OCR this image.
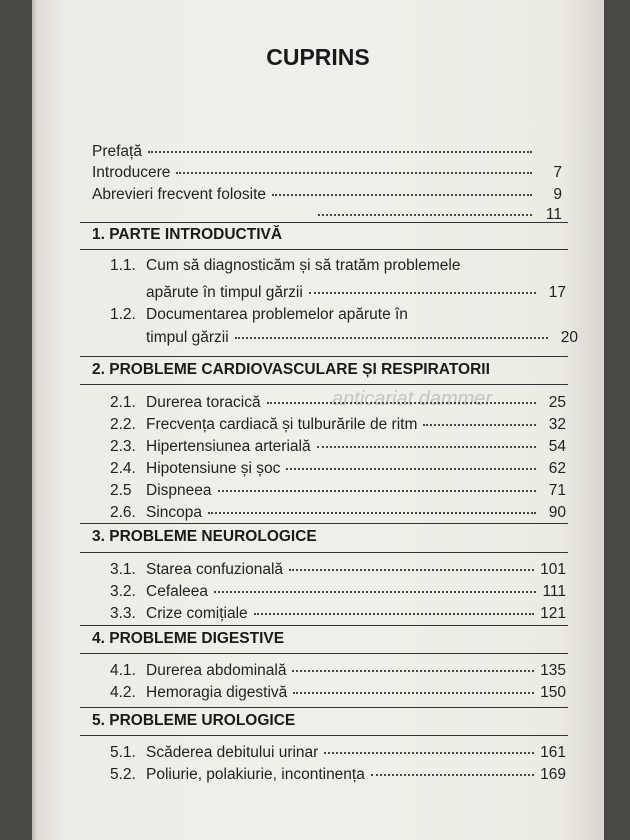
anticariat dammer
CUPRINS
Prefață
Introducere	7
Abrevieri frecvent folosite	9
11
1. PARTE INTRODUCTIVĂ
1.1. Cum să diagnosticăm și să tratăm problemele
apărute în timpul gărzii	17
1.2. Documentarea problemelor apărute în
timpul gărzii	20
2. PROBLEME CARDIOVASCULARE ȘI RESPIRATORII
2.1. Durerea toracică	25
2.2. Frecvența cardiacă și tulburările de ritm	32
2.3. Hipertensiunea arterială	54
2.4. Hipotensiune și șoc	62
2.5 Dispneea	71
2.6. Sincopa	90
3. PROBLEME NEUROLOGICE
3.1. Starea confuzională	101
3.2. Cefaleea	111
3.3. Crize comițiale	121
4. PROBLEME DIGESTIVE
4.1. Durerea abdominală	135
4.2. Hemoragia digestivă	150
5. PROBLEME UROLOGICE
5.1. Scăderea debitului urinar	161
5.2. Poliurie, polakiurie, incontinența	169
